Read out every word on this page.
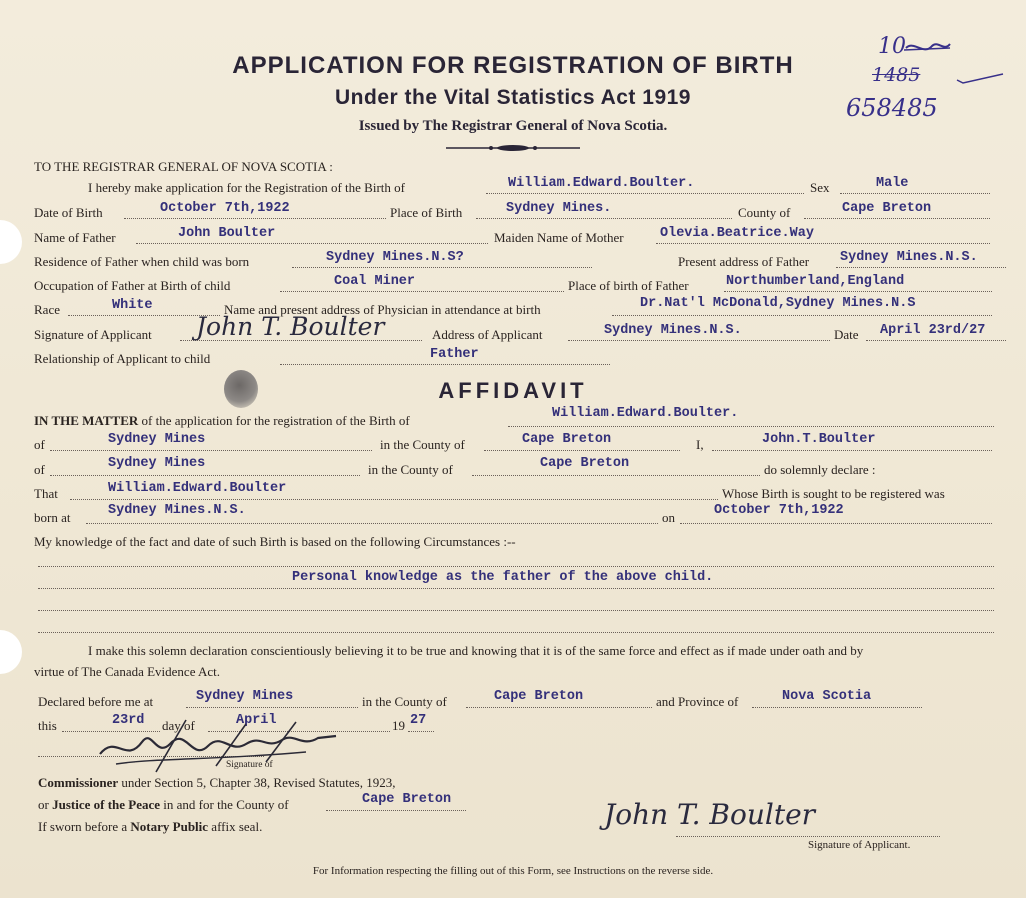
APPLICATION FOR REGISTRATION OF BIRTH
Under the Vital Statistics Act 1919
Issued by The Registrar General of Nova Scotia.
10
1485
658485
TO THE REGISTRAR GENERAL OF NOVA SCOTIA :
I hereby make application for the Registration of the Birth of	William.Edward.Boulter.	Sex	Male
Date of Birth	October 7th,1922	Place of Birth	Sydney Mines.	County of	Cape Breton
Name of Father	John Boulter	Maiden Name of Mother	Olevia.Beatrice.Way
Residence of Father when child was born	Sydney Mines.N.S?	Present address of Father Sydney Mines.N.S.
Occupation of Father at Birth of child	Coal Miner	Place of birth of Father	Northumberland,England
Race	White	Name and present address of Physician in attendance at birth	Dr.Nat'l McDonald,Sydney Mines.N.S
Signature of Applicant John T. Boulter	Address of Applicant	Sydney Mines.N.S.	Date April 23rd/27
Relationship of Applicant to child	Father
AFFIDAVIT
IN THE MATTER of the application for the registration of the Birth of	William.Edward.Boulter.
of	Sydney Mines	in the County of	Cape Breton	I,	John.T.Boulter
of	Sydney Mines	in the County of	Cape Breton	do solemnly declare :
That	William.Edward.Boulter	Whose Birth is sought to be registered was
born at	Sydney Mines.N.S.	on	October 7th,1922
My knowledge of the fact and date of such Birth is based on the following Circumstances :--
Personal knowledge as the father of the above child.
I make this solemn declaration conscientiously believing it to be true and knowing that it is of the same force and effect as if made under oath and by
virtue of The Canada Evidence Act.
Declared before me at	Sydney Mines	in the County of	Cape Breton	and Province of	Nova Scotia
this	23rd day of	April	19 27
Signature of
Commissioner under Section 5, Chapter 38, Revised Statutes, 1923,
or Justice of the Peace in and for the County of	Cape Breton
If sworn before a Notary Public affix seal.	John T. Boulter
Signature of Applicant.
For Information respecting the filling out of this Form, see Instructions on the reverse side.
